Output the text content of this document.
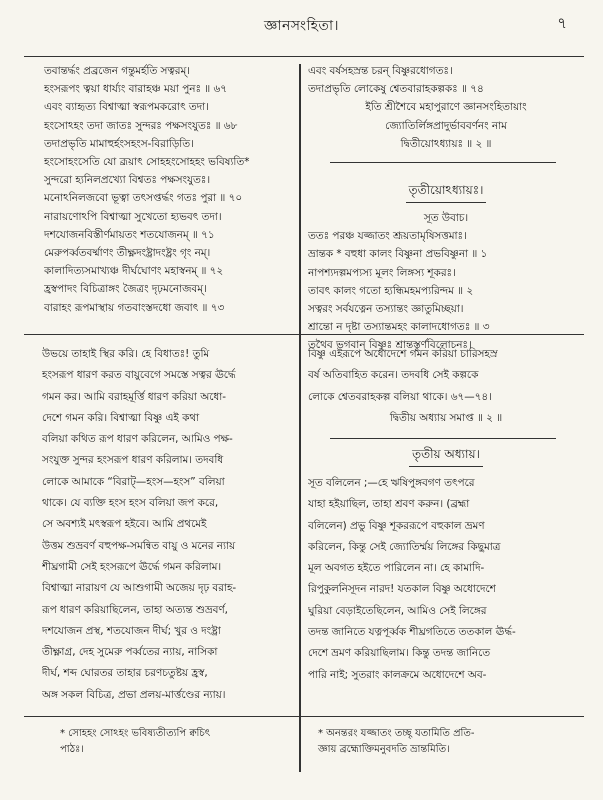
জ্ঞানসংহিতা।	৭
তবান্তর্দ্ধং প্রব্রজেন গন্তুমর্হতি সত্বরম্।
হংসরূপং ত্বয়া ধার্য্যং বারাহঞ্চ ময়া পুনঃ ॥ ৬৭
এবং ব্যাহৃত্য বিশ্বাত্মা স্বরূপমকরোৎ তদা।
হংসোঽহং তদা জাতঃ সুন্দরঃ পক্ষসংযুতঃ ॥ ৬৮
তদাপ্রভৃতি মামাহুর্হংসহংস-বিরাড়িতি।
হংসোহংসেতি যো ব্রূয়াৎ সোহহংসোহহং ভবিষ্যতি*
সুন্দরো হ্যনিলপ্রখ্যো বিশ্বতঃ পক্ষসংযুতঃ।
মনোঽনিলজবো ভূত্বা তৎসপ্তর্দ্ধং গতঃ পুরা ॥ ৭০
নারায়ণোঽপি বিশ্বাত্মা সুখেতো হ্যভবৎ তদা।
দশযোজনবিস্তীর্ণমায়তং শতযোজনম্ ॥ ৭১
মেরুপর্ব্বতবর্ষ্মাণং তীক্ষ্ণদংষ্ট্রাদংষ্ট্রং গৃং নম্।
কালাদিত্যসমাখ্যঞ্চ দীর্ঘঘোণং মহাস্বনম্ ॥ ৭২
হ্রস্বপাদং বিচিত্রাঙ্গং জৈত্রং দৃঢ়মনোজবম্।
বারাহং রূপমাস্থায় গতবাংস্তদধো জবাৎ ॥ ৭৩
এবং বর্ষসহস্রন্ত চরন্ বিষ্ণুরধোগতঃ।
তদাপ্রভৃতি লোকেষু শ্বেতবারাহকল্পকঃ ॥ ৭৪
ইতি শ্রীশৈবে মহাপুরাণে জ্ঞানসংহিতায়াং
জ্যোতির্লিঙ্গপ্রাদুর্ভাববর্ণনং নাম
দ্বিতীয়োঽধ্যায়ঃ ॥ ২ ॥
তৃতীয়োঽধ্যায়ঃ।
সূত উবাচ।
ততঃ পরঞ্চ যজ্জাতং শ্রূয়তামৃষিসত্তমাঃ।
ভ্রান্তক * বহুধা কালং বিষ্ণুনা প্রভবিষ্ণুনা ॥ ১
নাপশ্যদল্পমপ্যস্য মূলং লিঙ্গস্য শূকরঃ।
তাবৎ কালং গতো হ্যন্ধিমহমপ্যরিন্দম ॥ ২
সত্বরং সর্বযত্নেন তস্যান্তং জ্ঞাতুমিচ্ছয়া।
শ্রান্তো ন দৃষ্টা তস্যান্তমহং কালাদধোগতঃ ॥ ৩
তথৈব ভগবান্ বিষ্ণুঃ শ্রান্তস্তূর্ণবিলোচনঃ।
উভয়ে তাহাই স্থির করি। হে বিধাতঃ! তুমি
হংসরূপ ধারণ করত বায়ুবেগে সমস্তে সত্বর ঊর্দ্ধে
গমন কর। আমি বরাহমূর্ত্তি ধারণ করিয়া অধো-
দেশে গমন করি। বিশ্বাত্মা বিষ্ণু এই কথা
বলিয়া কথিত রূপ ধারণ করিলেন, আমিও পক্ষ-
সংযুক্ত সুন্দর হংসরূপ ধারণ করিলাম। তদবধি
লোকে আমাকে “বিরাট্—হংস—হংস” বলিয়া
থাকে। যে ব্যক্তি হংস হংস বলিয়া জপ করে,
সে অবশ্যই মৎস্বরূপ হইবে। আমি প্রথমেই
উত্তম শুভ্রবর্ণ বহুপক্ষ-সমন্বিত বায়ু ও মনের ন্যায়
শীঘ্রগামী সেই হংসরূপে ঊর্দ্ধে গমন করিলাম।
বিশ্বাত্মা নারায়ণ যে আশুগামী অজেয় দৃঢ় বরাহ-
রূপ ধারণ করিয়াছিলেন, তাহা অত্যন্ত শুভ্রবর্ণ,
দশযোজন প্রস্থ, শতযোজন দীর্ঘ; খুর ও দংষ্ট্রা
তীক্ষ্ণাগ্র, দেহ সুমেরু পর্ব্বতের ন্যায়, নাসিকা
দীর্ঘ, শব্দ ঘোরতর তাহার চরণচতুষ্টয় হ্রস্ব,
অঙ্গ সকল বিচিত্র, প্রভা প্রলয়-মার্ত্তণ্ডের ন্যায়।
বিষ্ণু এইরূপে অধোদেশে গমন করিয়া চারিসহস্র
বর্ষ অতিবাহিত করেন। তদবধি সেই কল্পকে
লোকে শ্বেতবরাহকল্প বলিয়া থাকে। ৬৭—৭৪।
দ্বিতীয় অধ্যায় সমাপ্ত ॥ ২ ॥
তৃতীয় অধ্যায়।
সূত বলিলেন ;—হে ঋষিপুঙ্গবগণ তৎপরে
যাহা হইয়াছিল, তাহা শ্রবণ করুন। (ব্রহ্মা
বলিলেন) প্রভু বিষ্ণু শূকররূপে বহুকাল ভ্রমণ
করিলেন, কিন্তু সেই জ্যোতির্ম্ময় লিঙ্গের কিছুমাত্র
মূল অবগত হইতে পারিলেন না। হে কামাদি-
রিপুকুলনিসূদন নারদ! যতকাল বিষ্ণু অধোদেশে
ঘুরিয়া বেড়াইতেছিলেন, আমিও সেই লিঙ্গের
তদন্ত জানিতে যত্নপূর্ব্বক শীঘ্রগতিতে ততকাল ঊর্দ্ধ-
দেশে ভ্রমণ করিয়াছিলাম। কিন্তু তদন্ত জানিতে
পারি নাই; সুতরাং কালক্রমে অধোদেশে অব-
* সোহহং সোঽহং ভবিষ্যতীত্যপি ক্বচিৎ
পাঠঃ।
* অনন্তরং যজ্জাতং তচ্ছৃ যতামিতি প্রতি-
জ্ঞায় ব্রহ্মোক্তিমনুবদতি ভ্রান্তমিতি।
